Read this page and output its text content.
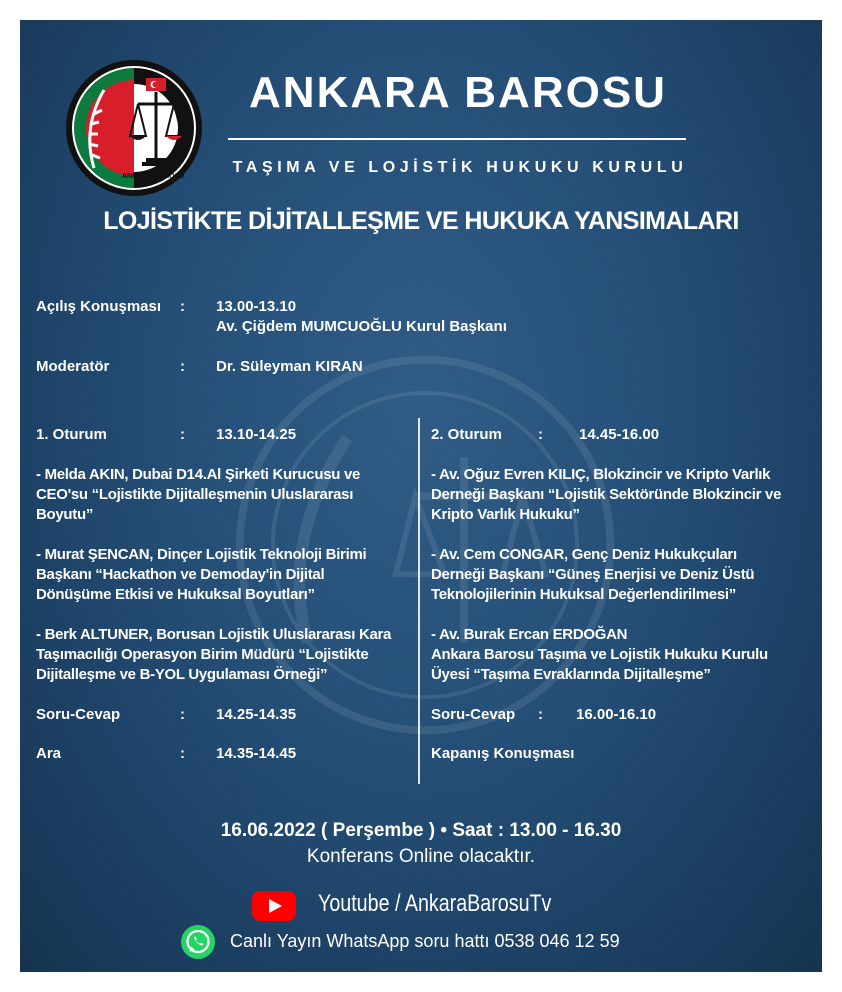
ANKARA BAROSU
ANKARA BAROSU
TAŞIMA VE LOJİSTİK HUKUKU KURULU
LOJİSTİKTE DİJİTALLEŞME VE HUKUKA YANSIMALARI
Açılış Konuşması : 13.00-13.10
Av. Çiğdem MUMCUOĞLU Kurul Başkanı
Moderatör	: Dr. Süleyman KIRAN
1. Oturum	: 13.10-14.25
- Melda AKIN, Dubai D14.Al Şirketi Kurucusu ve
CEO'su “Lojistikte Dijitalleşmenin Uluslararası
Boyutu”
- Murat ŞENCAN, Dinçer Lojistik Teknoloji Birimi
Başkanı “Hackathon ve Demoday'in Dijital
Dönüşüme Etkisi ve Hukuksal Boyutları”
- Berk ALTUNER, Borusan Lojistik Uluslararası Kara
Taşımacılığı Operasyon Birim Müdürü “Lojistikte
Dijitalleşme ve B-YOL Uygulaması Örneği”
Soru-Cevap	: 14.25-14.35
Ara	: 14.35-14.45
2. Oturum : 14.45-16.00
- Av. Oğuz Evren KILIÇ, Blokzincir ve Kripto Varlık
Derneği Başkanı “Lojistik Sektöründe Blokzincir ve
Kripto Varlık Hukuku”
- Av. Cem CONGAR, Genç Deniz Hukukçuları
Derneği Başkanı “Güneş Enerjisi ve Deniz Üstü
Teknolojilerinin Hukuksal Değerlendirilmesi”
- Av. Burak Ercan ERDOĞAN
Ankara Barosu Taşıma ve Lojistik Hukuku Kurulu
Üyesi “Taşıma Evraklarında Dijitalleşme”
Soru-Cevap : 16.00-16.10
Kapanış Konuşması
16.06.2022 ( Perşembe ) • Saat : 13.00 - 16.30
Konferans Online olacaktır.
Youtube / AnkaraBarosuTv
Canlı Yayın WhatsApp soru hattı 0538 046 12 59
